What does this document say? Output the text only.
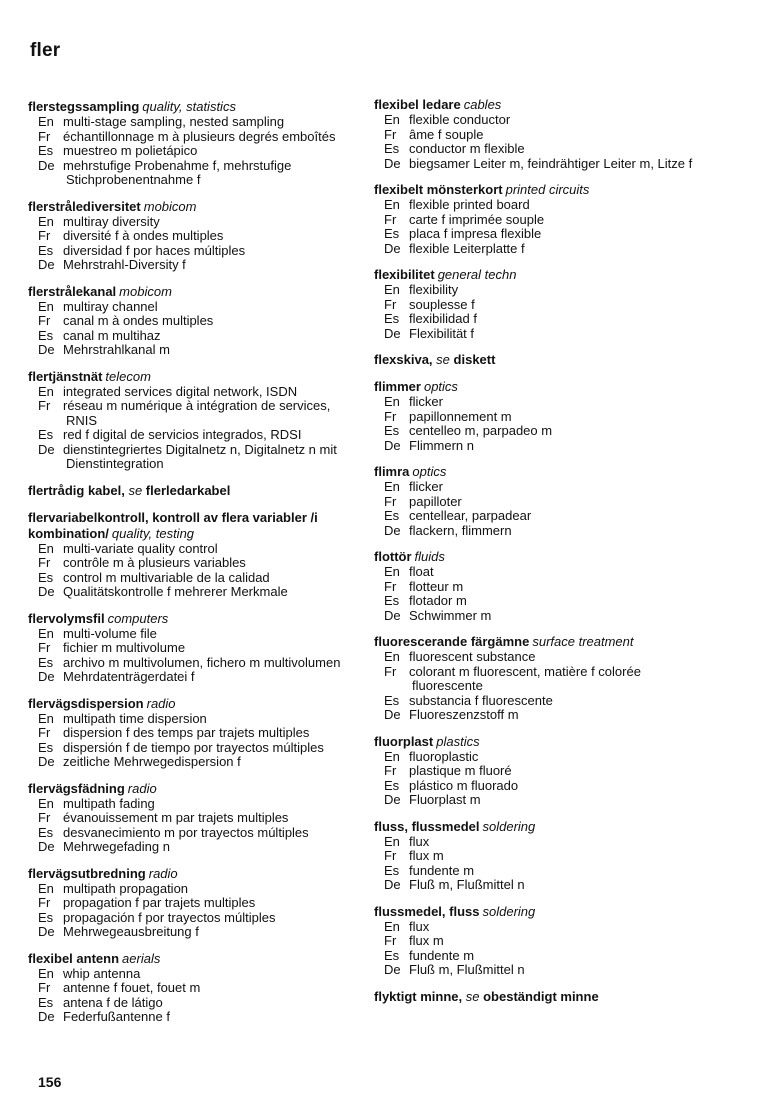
fler
flerstegssampling quality, statistics
En multi-stage sampling, nested sampling
Fr échantillonnage m à plusieurs degrés emboîtés
Es muestreo m polietápico
De mehrstufige Probenahme f, mehrstufige Stichprobenentnahme f
flerstrålediversitet mobicom
En multiray diversity
Fr diversité f à ondes multiples
Es diversidad f por haces múltiples
De Mehrstrahl-Diversity f
flerstrålekanal mobicom
En multiray channel
Fr canal m à ondes multiples
Es canal m multihaz
De Mehrstrahlkanal m
flertjänstnät telecom
En integrated services digital network, ISDN
Fr réseau m numérique à intégration de services, RNIS
Es red f digital de servicios integrados, RDSI
De dienstintegriertes Digitalnetz n, Digitalnetz n mit Dienstintegration
flertrådig kabel, se flerledarkabel
flervariabelkontroll, kontroll av flera variabler /i kombination/ quality, testing
En multi-variate quality control
Fr contrôle m à plusieurs variables
Es control m multivariable de la calidad
De Qualitätskontrolle f mehrerer Merkmale
flervolymsfil computers
En multi-volume file
Fr fichier m multivolume
Es archivo m multivolumen, fichero m multivolumen
De Mehrdatenträgerdatei f
flervägsdispersion radio
En multipath time dispersion
Fr dispersion f des temps par trajets multiples
Es dispersión f de tiempo por trayectos múltiples
De zeitliche Mehrwegedispersion f
flervägsfädning radio
En multipath fading
Fr évanouissement m par trajets multiples
Es desvanecimiento m por trayectos múltiples
De Mehrwegefading n
flervägsutbredning radio
En multipath propagation
Fr propagation f par trajets multiples
Es propagación f por trayectos múltiples
De Mehrwegeausbreitung f
flexibel antenn aerials
En whip antenna
Fr antenne f fouet, fouet m
Es antena f de látigo
De Federfußantenne f
flexibel ledare cables
En flexible conductor
Fr âme f souple
Es conductor m flexible
De biegsamer Leiter m, feindrähtiger Leiter m, Litze f
flexibelt mönsterkort printed circuits
En flexible printed board
Fr carte f imprimée souple
Es placa f impresa flexible
De flexible Leiterplatte f
flexibilitet general techn
En flexibility
Fr souplesse f
Es flexibilidad f
De Flexibilität f
flexskiva, se diskett
flimmer optics
En flicker
Fr papillonnement m
Es centelleo m, parpadeo m
De Flimmern n
flimra optics
En flicker
Fr papilloter
Es centellear, parpadear
De flackern, flimmern
flottör fluids
En float
Fr flotteur m
Es flotador m
De Schwimmer m
fluorescerande färgämne surface treatment
En fluorescent substance
Fr colorant m fluorescent, matière f colorée fluorescente
Es substancia f fluorescente
De Fluoreszenzstoff m
fluorplast plastics
En fluoroplastic
Fr plastique m fluoré
Es plástico m fluorado
De Fluorplast m
fluss, flussmedel soldering
En flux
Fr flux m
Es fundente m
De Fluß m, Flußmittel n
flussmedel, fluss soldering
En flux
Fr flux m
Es fundente m
De Fluß m, Flußmittel n
flyktigt minne, se obeständigt minne
156
